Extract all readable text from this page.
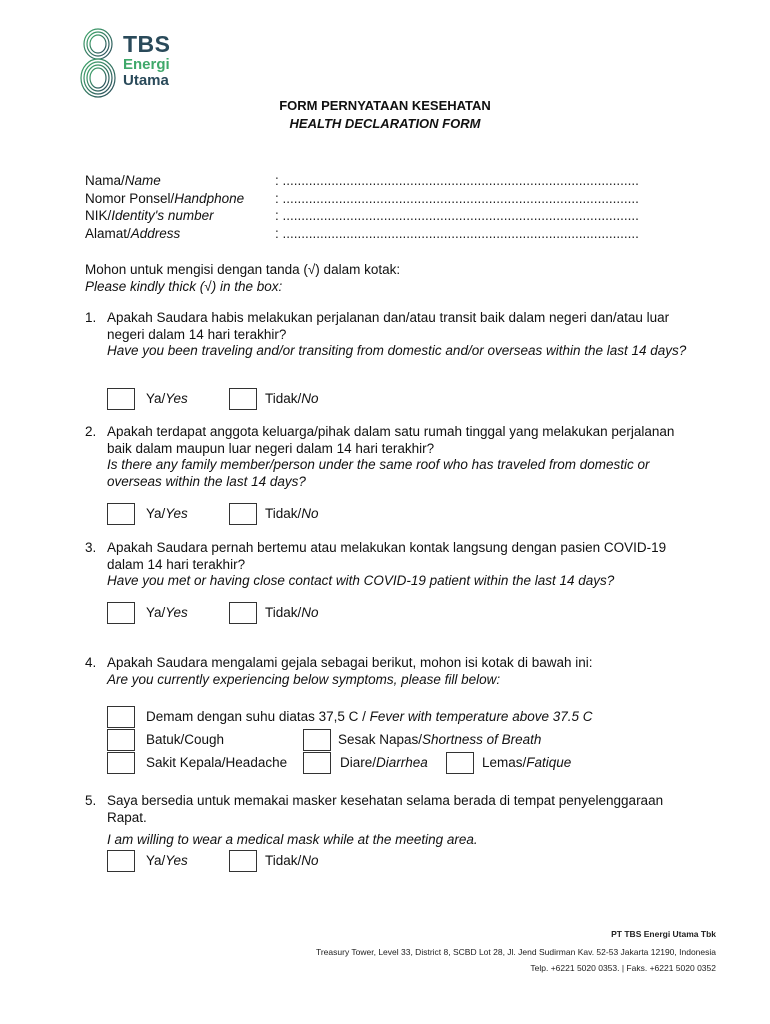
TBS
Energi
Utama
FORM PERNYATAAN KESEHATAN
HEALTH DECLARATION FORM
Nama/Name	: ...............................................................................................
Nomor Ponsel/Handphone	: ...............................................................................................
NIK/Identity's number	: ...............................................................................................
Alamat/Address	: ...............................................................................................
Mohon untuk mengisi dengan tanda (√) dalam kotak:
Please kindly thick (√) in the box:
1. Apakah Saudara habis melakukan perjalanan dan/atau transit baik dalam negeri dan/atau luar negeri dalam 14 hari terakhir?
Have you been traveling and/or transiting from domestic and/or overseas within the last 14 days?
Ya/Yes	Tidak/No
2. Apakah terdapat anggota keluarga/pihak dalam satu rumah tinggal yang melakukan perjalanan baik dalam maupun luar negeri dalam 14 hari terakhir?
Is there any family member/person under the same roof who has traveled from domestic or overseas within the last 14 days?
Ya/Yes	Tidak/No
3. Apakah Saudara pernah bertemu atau melakukan kontak langsung dengan pasien COVID-19 dalam 14 hari terakhir?
Have you met or having close contact with COVID-19 patient within the last 14 days?
Ya/Yes	Tidak/No
4. Apakah Saudara mengalami gejala sebagai berikut, mohon isi kotak di bawah ini:
Are you currently experiencing below symptoms, please fill below:
Demam dengan suhu diatas 37,5 C / Fever with temperature above 37.5 C
Batuk/Cough	Sesak Napas/Shortness of Breath
Sakit Kepala/Headache	Diare/Diarrhea	Lemas/Fatique
5. Saya bersedia untuk memakai masker kesehatan selama berada di tempat penyelenggaraan Rapat.
I am willing to wear a medical mask while at the meeting area.
Ya/Yes	Tidak/No
PT TBS Energi Utama Tbk
Treasury Tower, Level 33, District 8, SCBD Lot 28, Jl. Jend Sudirman Kav. 52-53 Jakarta 12190, Indonesia
Telp. +6221 5020 0353. | Faks. +6221 5020 0352
